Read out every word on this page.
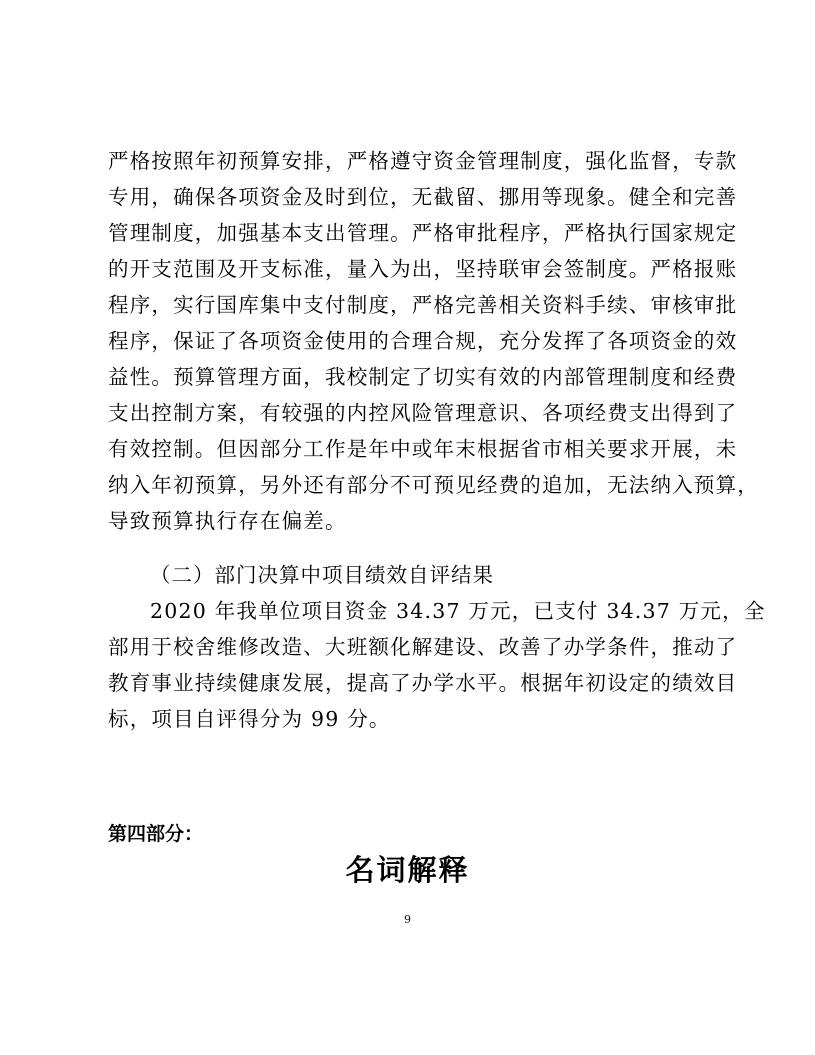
严格按照年初预算安排，严格遵守资金管理制度，强化监督，专款
专用，确保各项资金及时到位，无截留、挪用等现象。健全和完善
管理制度，加强基本支出管理。严格审批程序，严格执行国家规定
的开支范围及开支标准，量入为出，坚持联审会签制度。严格报账
程序，实行国库集中支付制度，严格完善相关资料手续、审核审批
程序，保证了各项资金使用的合理合规，充分发挥了各项资金的效
益性。预算管理方面，我校制定了切实有效的内部管理制度和经费
支出控制方案，有较强的内控风险管理意识、各项经费支出得到了
有效控制。但因部分工作是年中或年末根据省市相关要求开展，未
纳入年初预算，另外还有部分不可预见经费的追加，无法纳入预算，
导致预算执行存在偏差。
（二）部门决算中项目绩效自评结果
2020 年我单位项目资金 34.37 万元，已支付 34.37 万元，全
部用于校舍维修改造、大班额化解建设、改善了办学条件，推动了
教育事业持续健康发展，提高了办学水平。根据年初设定的绩效目
标，项目自评得分为 99 分。
第四部分：
名词解释
9
